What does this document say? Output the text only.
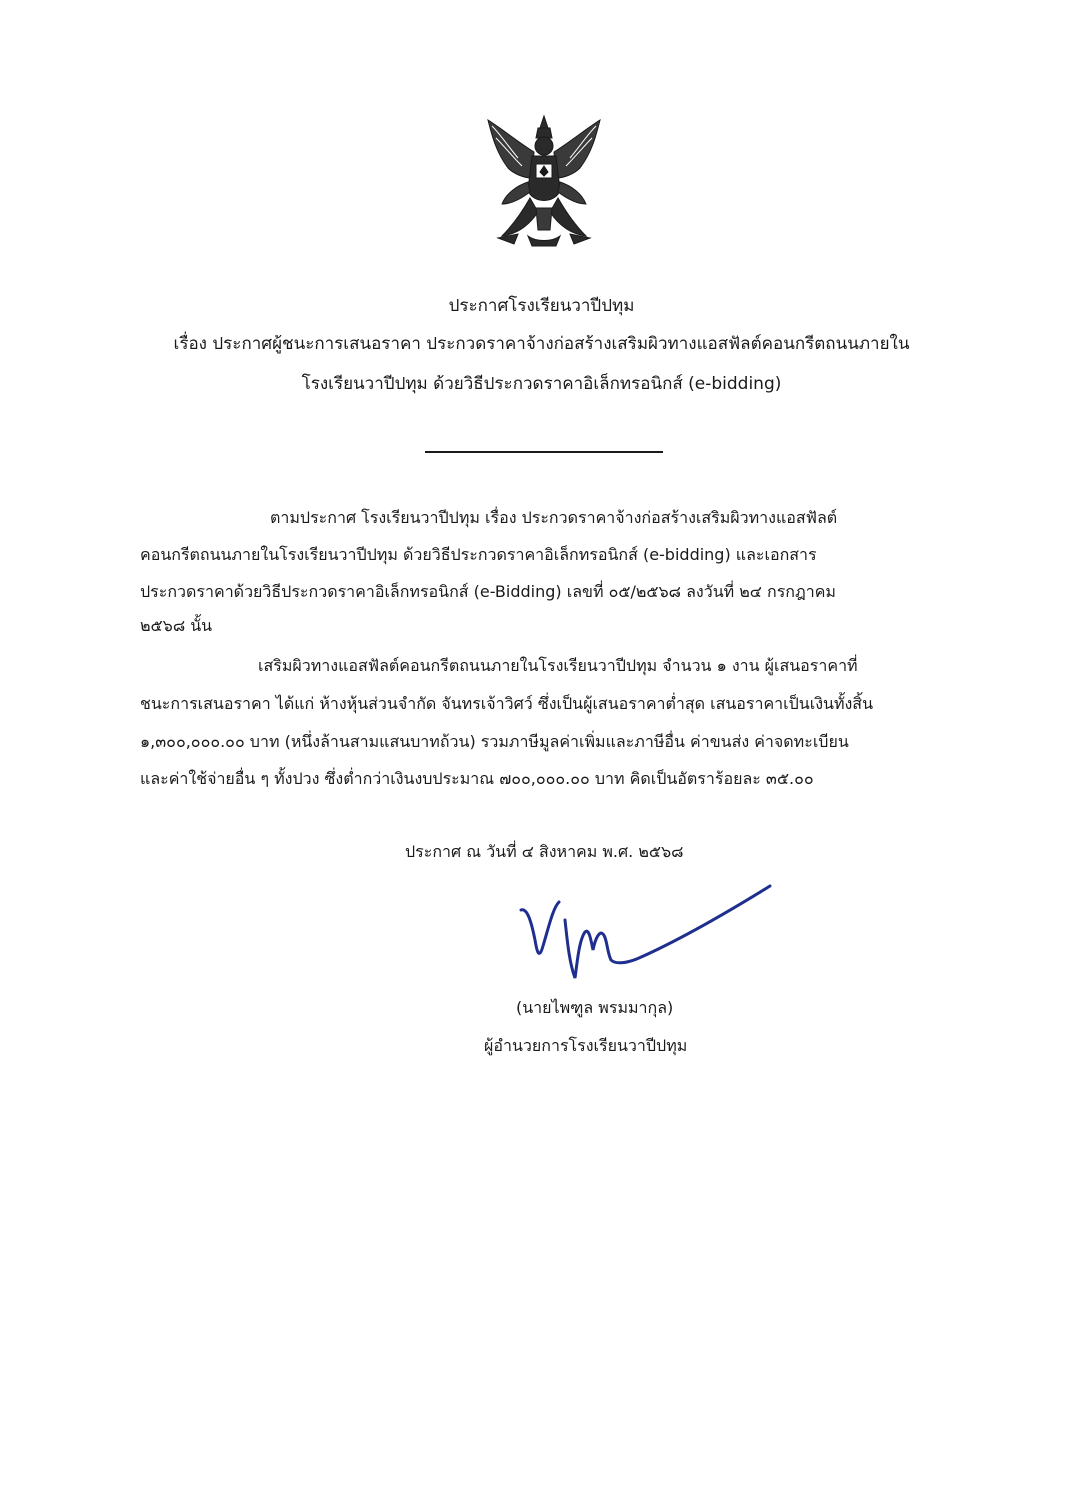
ประกาศโรงเรียนวาปีปทุม
เรื่อง ประกาศผู้ชนะการเสนอราคา ประกวดราคาจ้างก่อสร้างเสริมผิวทางแอสฟัลต์คอนกรีตถนนภายใน
โรงเรียนวาปีปทุม ด้วยวิธีประกวดราคาอิเล็กทรอนิกส์ (e-bidding)
ตามประกาศ โรงเรียนวาปีปทุม เรื่อง ประกวดราคาจ้างก่อสร้างเสริมผิวทางแอสฟัลต์
คอนกรีตถนนภายในโรงเรียนวาปีปทุม ด้วยวิธีประกวดราคาอิเล็กทรอนิกส์ (e-bidding) และเอกสาร
ประกวดราคาด้วยวิธีประกวดราคาอิเล็กทรอนิกส์ (e-Bidding) เลขที่ ๐๕/๒๕๖๘ ลงวันที่ ๒๔ กรกฎาคม
๒๕๖๘ นั้น
เสริมผิวทางแอสฟัลต์คอนกรีตถนนภายในโรงเรียนวาปีปทุม จำนวน ๑ งาน ผู้เสนอราคาที่
ชนะการเสนอราคา ได้แก่ ห้างหุ้นส่วนจำกัด จันทรเจ้าวิศว์ ซึ่งเป็นผู้เสนอราคาต่ำสุด เสนอราคาเป็นเงินทั้งสิ้น
๑,๓๐๐,๐๐๐.๐๐ บาท (หนึ่งล้านสามแสนบาทถ้วน) รวมภาษีมูลค่าเพิ่มและภาษีอื่น ค่าขนส่ง ค่าจดทะเบียน
และค่าใช้จ่ายอื่น ๆ ทั้งปวง ซึ่งต่ำกว่าเงินงบประมาณ ๗๐๐,๐๐๐.๐๐ บาท คิดเป็นอัตราร้อยละ ๓๕.๐๐
ประกาศ ณ วันที่ ๔ สิงหาคม พ.ศ. ๒๕๖๘
(นายไพฑูล พรมมากุล)
ผู้อำนวยการโรงเรียนวาปีปทุม
